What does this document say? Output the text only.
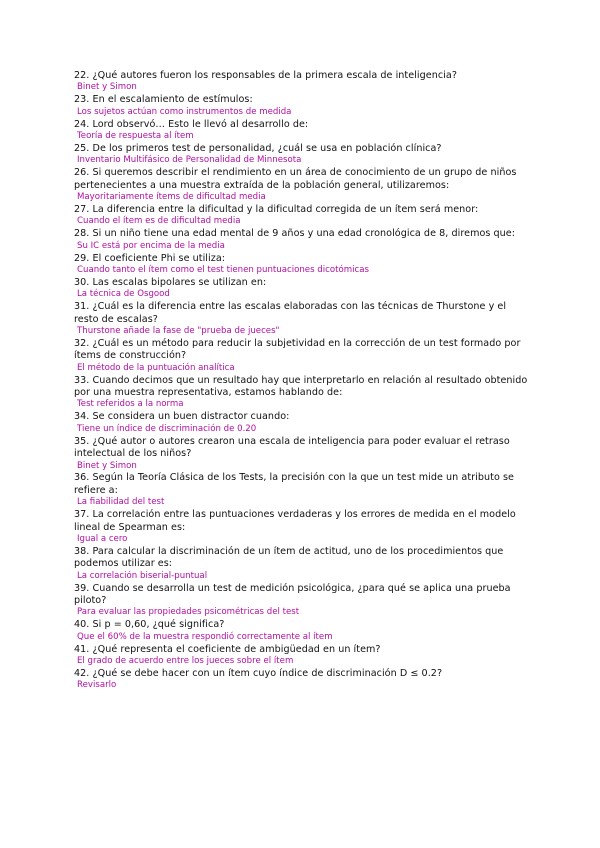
22. ¿Qué autores fueron los responsables de la primera escala de inteligencia?
Binet y Simon
23. En el escalamiento de estímulos:
Los sujetos actúan como instrumentos de medida
24. Lord observó… Esto le llevó al desarrollo de:
Teoría de respuesta al ítem
25. De los primeros test de personalidad, ¿cuál se usa en población clínica?
Inventario Multifásico de Personalidad de Minnesota
26. Si queremos describir el rendimiento en un área de conocimiento de un grupo de niños pertenecientes a una muestra extraída de la población general, utilizaremos:
Mayoritariamente ítems de dificultad media
27. La diferencia entre la dificultad y la dificultad corregida de un ítem será menor:
Cuando el ítem es de dificultad media
28. Si un niño tiene una edad mental de 9 años y una edad cronológica de 8, diremos que:
Su IC está por encima de la media
29. El coeficiente Phi se utiliza:
Cuando tanto el ítem como el test tienen puntuaciones dicotómicas
30. Las escalas bipolares se utilizan en:
La técnica de Osgood
31. ¿Cuál es la diferencia entre las escalas elaboradas con las técnicas de Thurstone y el resto de escalas?
Thurstone añade la fase de "prueba de jueces"
32. ¿Cuál es un método para reducir la subjetividad en la corrección de un test formado por ítems de construcción?
El método de la puntuación analítica
33. Cuando decimos que un resultado hay que interpretarlo en relación al resultado obtenido por una muestra representativa, estamos hablando de:
Test referidos a la norma
34. Se considera un buen distractor cuando:
Tiene un índice de discriminación de 0.20
35. ¿Qué autor o autores crearon una escala de inteligencia para poder evaluar el retraso intelectual de los niños?
Binet y Simon
36. Según la Teoría Clásica de los Tests, la precisión con la que un test mide un atributo se refiere a:
La fiabilidad del test
37. La correlación entre las puntuaciones verdaderas y los errores de medida en el modelo lineal de Spearman es:
Igual a cero
38. Para calcular la discriminación de un ítem de actitud, uno de los procedimientos que podemos utilizar es:
La correlación biserial-puntual
39. Cuando se desarrolla un test de medición psicológica, ¿para qué se aplica una prueba piloto?
Para evaluar las propiedades psicométricas del test
40. Si p = 0,60, ¿qué significa?
Que el 60% de la muestra respondió correctamente al ítem
41. ¿Qué representa el coeficiente de ambigüedad en un ítem?
El grado de acuerdo entre los jueces sobre el ítem
42. ¿Qué se debe hacer con un ítem cuyo índice de discriminación D ≤ 0.2?
Revisarlo
